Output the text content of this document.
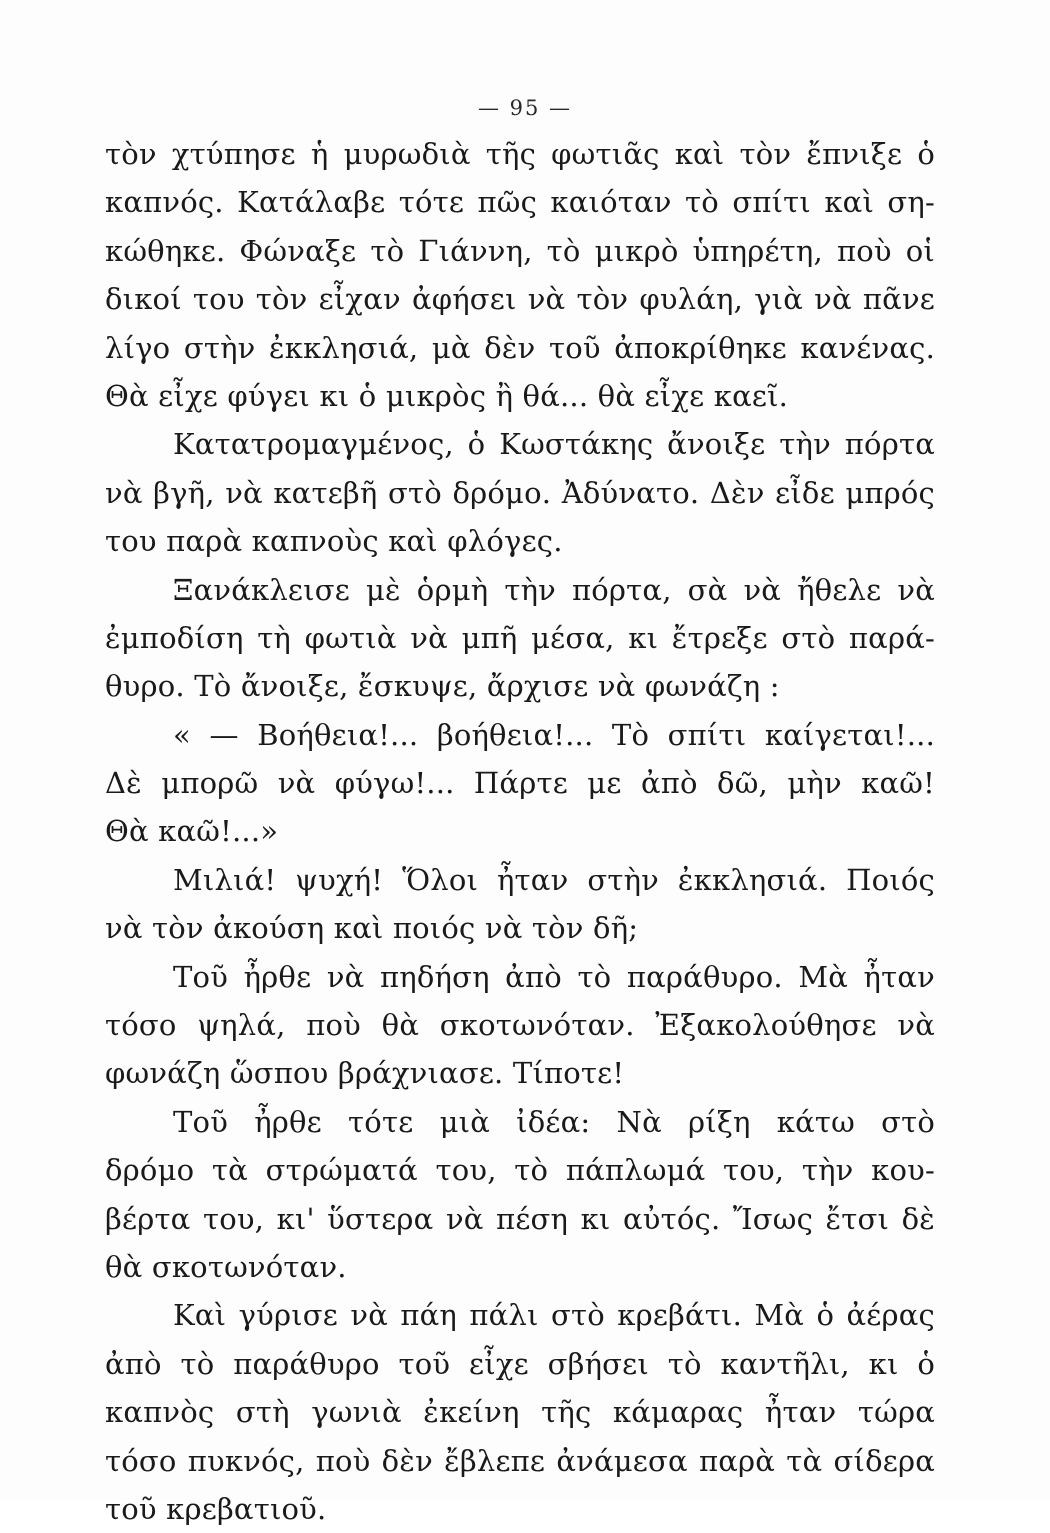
— 95 —
τὸν χτύπησε ἡ μυρωδιὰ τῆς φωτιᾶς καὶ τὸν ἔπνιξε ὁ
καπνός. Κατάλαβε τότε πῶς καιόταν τὸ σπίτι καὶ ση-
κώθηκε. Φώναξε τὸ Γιάννη, τὸ μικρὸ ὑπηρέτη, ποὺ οἱ
δικοί του τὸν εἶχαν ἀφήσει νὰ τὸν φυλάη, γιὰ νὰ πᾶνε
λίγο στὴν ἐκκλησιά, μὰ δὲν τοῦ ἀποκρίθηκε κανένας.
Θὰ εἶχε φύγει κι ὁ μικρὸς ἢ θά... θὰ εἶχε καεῖ.
Κατατρομαγμένος, ὁ Κωστάκης ἄνοιξε τὴν πόρτα
νὰ βγῆ, νὰ κατεβῆ στὸ δρόμο. Ἀδύνατο. Δὲν εἶδε μπρός
του παρὰ καπνοὺς καὶ φλόγες.
Ξανάκλεισε μὲ ὁρμὴ τὴν πόρτα, σὰ νὰ ἤθελε νὰ
ἐμποδίση τὴ φωτιὰ νὰ μπῆ μέσα, κι ἔτρεξε στὸ παρά-
θυρο. Τὸ ἄνοιξε, ἔσκυψε, ἄρχισε νὰ φωνάζη :
« — Βοήθεια!... βοήθεια!... Τὸ σπίτι καίγεται!...
Δὲ μπορῶ νὰ φύγω!... Πάρτε με ἀπὸ δῶ, μὴν καῶ!
Θὰ καῶ!...»
Μιλιά! ψυχή! Ὅλοι ἦταν στὴν ἐκκλησιά. Ποιός
νὰ τὸν ἀκούση καὶ ποιός νὰ τὸν δῆ;
Τοῦ ἦρθε νὰ πηδήση ἀπὸ τὸ παράθυρο. Μὰ ἦταν
τόσο ψηλά, ποὺ θὰ σκοτωνόταν. Ἐξακολούθησε νὰ
φωνάζη ὥσπου βράχνιασε. Τίποτε!
Τοῦ ἦρθε τότε μιὰ ἰδέα: Νὰ ρίξη κάτω στὸ
δρόμο τὰ στρώματά του, τὸ πάπλωμά του, τὴν κου-
βέρτα του, κι' ὕστερα νὰ πέση κι αὐτός. Ἴσως ἔτσι δὲ
θὰ σκοτωνόταν.
Καὶ γύρισε νὰ πάη πάλι στὸ κρεβάτι. Μὰ ὁ ἀέρας
ἀπὸ τὸ παράθυρο τοῦ εἶχε σβήσει τὸ καντῆλι, κι ὁ
καπνὸς στὴ γωνιὰ ἐκείνη τῆς κάμαρας ἦταν τώρα
τόσο πυκνός, ποὺ δὲν ἔβλεπε ἀνάμεσα παρὰ τὰ σίδερα
τοῦ κρεβατιοῦ.
